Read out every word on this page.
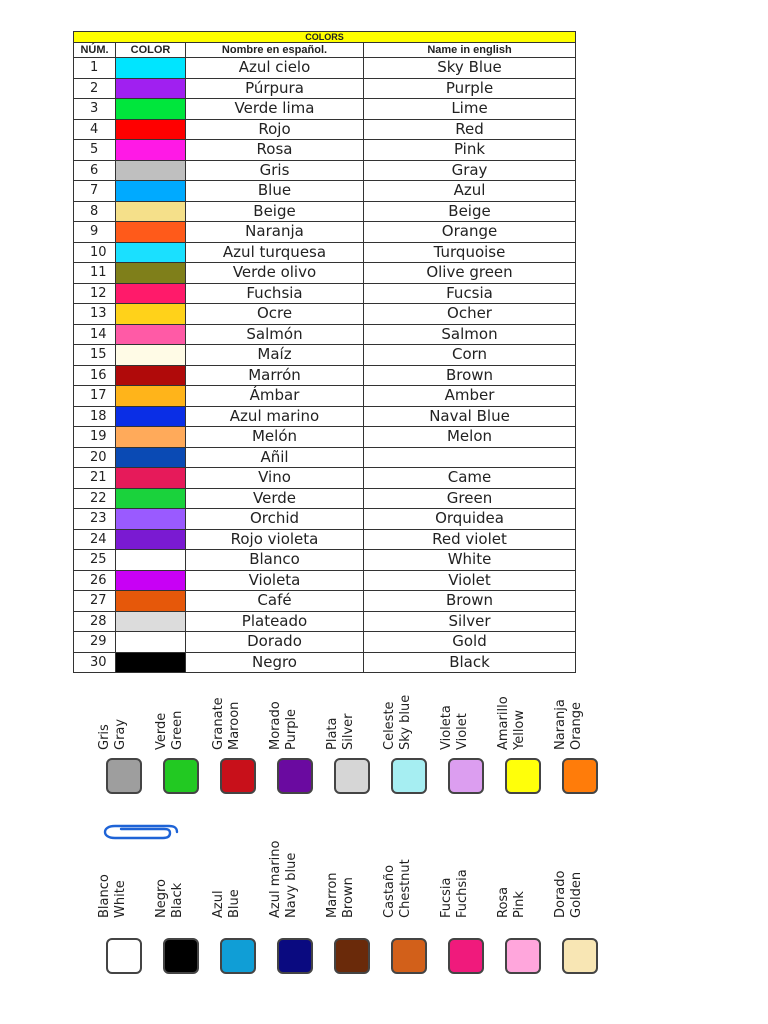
COLORS			
NÚM.	COLOR	Nombre en español.	Name in english
1		Azul cielo	Sky Blue
2		Púrpura	Purple
3		Verde lima	Lime
4		Rojo	Red
5		Rosa	Pink
6		Gris	Gray
7		Blue	Azul
8		Beige	Beige
9		Naranja	Orange
10		Azul turquesa	Turquoise
11		Verde olivo	Olive green
12		Fuchsia	Fucsia
13		Ocre	Ocher
14		Salmón	Salmon
15		Maíz	Corn
16		Marrón	Brown
17		Ámbar	Amber
18		Azul marino	Naval Blue
19		Melón	Melon
20		Añil	
21		Vino	Came
22		Verde	Green
23		Orchid	Orquidea
24		Rojo violeta	Red violet
25		Blanco	White
26		Violeta	Violet
27		Café	Brown
28		Plateado	Silver
29		Dorado	Gold
30		Negro	Black
Gris Gray Verde Green Granate Maroon Morado Purple Plata Silver Celeste Sky blue Violeta Violet Amarillo Yellow Naranja Orange
Blanco White Negro Black Azul Blue Azul marino Navy blue Marron Brown Castaño Chestnut Fucsia Fuchsia Rosa Pink Dorado Golden
